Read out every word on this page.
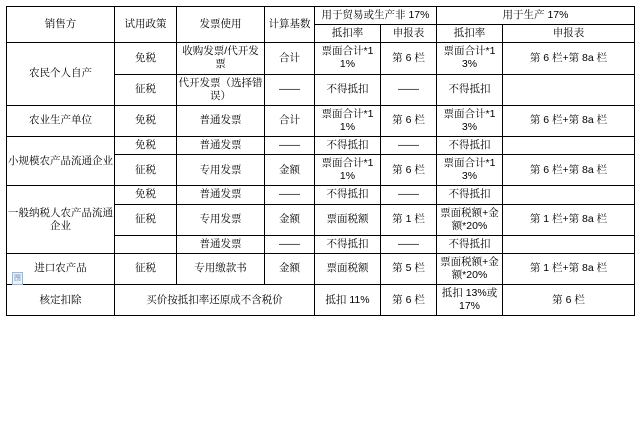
销售方	试用政策	发票使用	计算基数	用于贸易或生产非 17%		用于生产 17%	
				抵扣率	申报表	抵扣率	申报表
农民个人自产	免税	收购发票/代开发票	合计	票面合计*11%	第 6 栏	票面合计*13%	第 6 栏+第 8a 栏
	征税	代开发票（选择错误）	——	不得抵扣	——	不得抵扣	
农业生产单位	免税	普通发票	合计	票面合计*11%	第 6 栏	票面合计*13%	第 6 栏+第 8a 栏
小规模农产品流通企业	免税	普通发票	——	不得抵扣	——	不得抵扣	
	征税	专用发票	金额	票面合计*11%	第 6 栏	票面合计*13%	第 6 栏+第 8a 栏
一般纳税人农产品流通企业	免税	普通发票	——	不得抵扣	——	不得抵扣	
	征税	专用发票	金额	票面税额	第 1 栏	票面税额+金额*20%	第 1 栏+第 8a 栏
		普通发票	——	不得抵扣	——	不得抵扣	
进口农产品	征税	专用缴款书	金额	票面税额	第 5 栏	票面税额+金额*20%	第 1 栏+第 8a 栏
核定扣除	买价按抵扣率还原成不含税价			抵扣 11%	第 6 栏	抵扣 13%或 17%	第 6 栏
图
